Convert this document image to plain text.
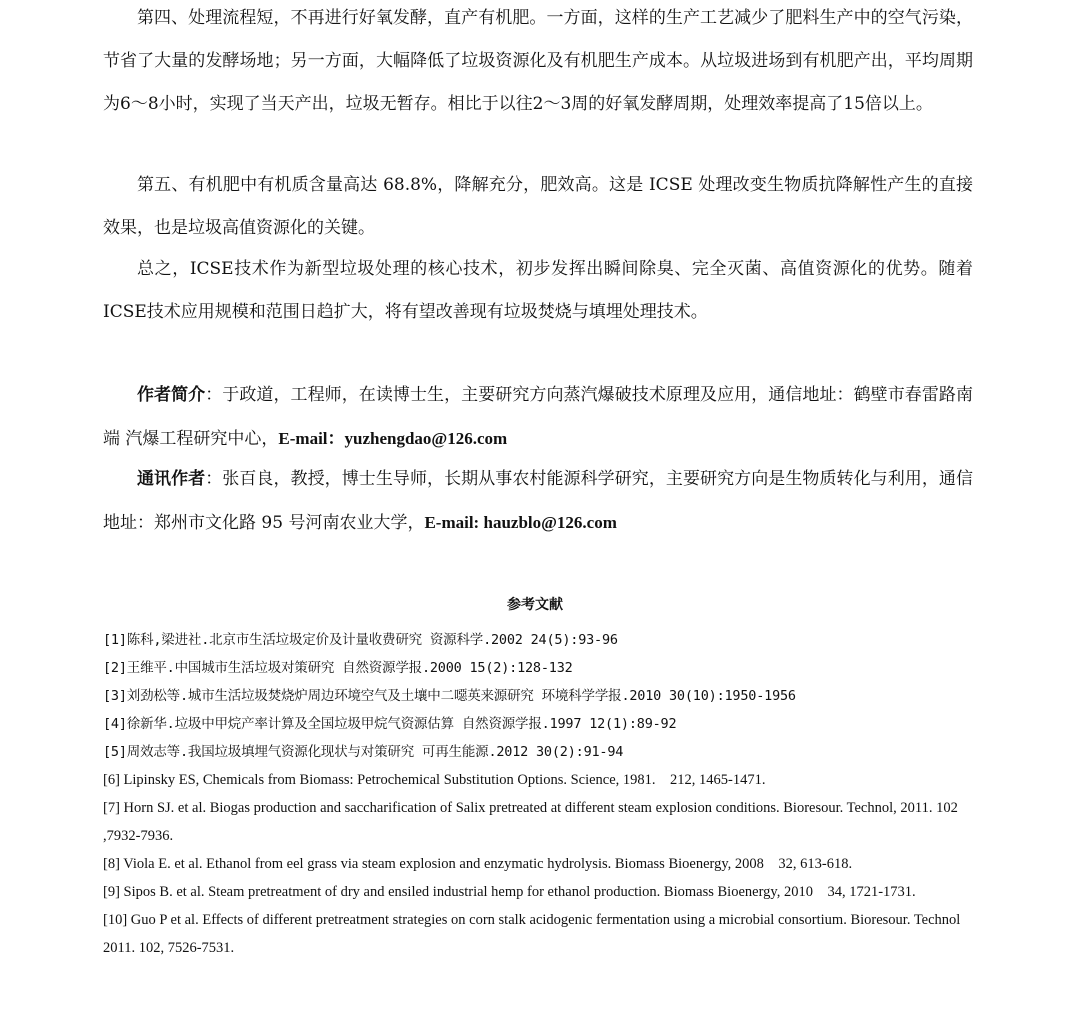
第四、处理流程短，不再进行好氧发酵，直产有机肥。一方面，这样的生产工艺减少了肥料生产中的空气污染，节省了大量的发酵场地；另一方面，大幅降低了垃圾资源化及有机肥生产成本。从垃圾进场到有机肥产出，平均周期为6～8小时，实现了当天产出，垃圾无暂存。相比于以往2～3周的好氧发酵周期，处理效率提高了15倍以上。

第五、有机肥中有机质含量高达 68.8%，降解充分，肥效高。这是 ICSE 处理改变生物质抗降解性产生的直接效果，也是垃圾高值资源化的关键。

总之，ICSE技术作为新型垃圾处理的核心技术，初步发挥出瞬间除臭、完全灭菌、高值资源化的优势。随着ICSE技术应用规模和范围日趋扩大，将有望改善现有垃圾焚烧与填埋处理技术。

作者简介：于政道，工程师，在读博士生，主要研究方向蒸汽爆破技术原理及应用，通信地址：鹤壁市春雷路南端 汽爆工程研究中心，E-mail：yuzhengdao@126.com

通讯作者：张百良，教授，博士生导师，长期从事农村能源科学研究，主要研究方向是生物质转化与利用，通信地址：郑州市文化路 95 号河南农业大学，E-mail: hauzblo@126.com

参考文献

[1]陈科,梁进社.北京市生活垃圾定价及计量收费研究 资源科学.2002 24(5):93-96
[2]王维平.中国城市生活垃圾对策研究 自然资源学报.2000 15(2):128-132
[3]刘劲松等.城市生活垃圾焚烧炉周边环境空气及土壤中二噁英来源研究 环境科学学报.2010 30(10):1950-1956
[4]徐新华.垃圾中甲烷产率计算及全国垃圾甲烷气资源估算 自然资源学报.1997 12(1):89-92
[5]周效志等.我国垃圾填埋气资源化现状与对策研究 可再生能源.2012 30(2):91-94
[6] Lipinsky ES, Chemicals from Biomass: Petrochemical Substitution Options. Science, 1981.　212, 1465-1471.
[7] Horn SJ. et al. Biogas production and saccharification of Salix pretreated at different steam explosion conditions. Bioresour. Technol, 2011. 102 ,7932-7936.
[8] Viola E. et al. Ethanol from eel grass via steam explosion and enzymatic hydrolysis. Biomass Bioenergy, 2008　32, 613-618.
[9] Sipos B. et al. Steam pretreatment of dry and ensiled industrial hemp for ethanol production. Biomass Bioenergy, 2010　34, 1721-1731.
[10] Guo P et al. Effects of different pretreatment strategies on corn stalk acidogenic fermentation using a microbial consortium. Bioresour. Technol 2011. 102, 7526-7531.
